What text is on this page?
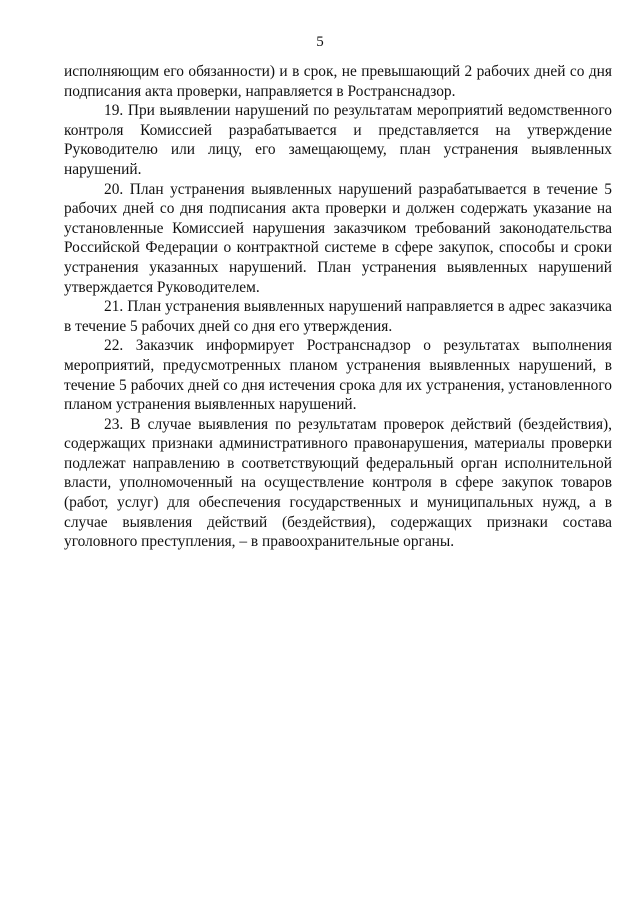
5

исполняющим его обязанности) и в срок, не превышающий 2 рабочих дней со дня подписания акта проверки, направляется в Ространснадзор.

19. При выявлении нарушений по результатам мероприятий ведомственного контроля Комиссией разрабатывается и представляется на утверждение Руководителю или лицу, его замещающему, план устранения выявленных нарушений.

20. План устранения выявленных нарушений разрабатывается в течение 5 рабочих дней со дня подписания акта проверки и должен содержать указание на установленные Комиссией нарушения заказчиком требований законодательства Российской Федерации о контрактной системе в сфере закупок, способы и сроки устранения указанных нарушений. План устранения выявленных нарушений утверждается Руководителем.

21. План устранения выявленных нарушений направляется в адрес заказчика в течение 5 рабочих дней со дня его утверждения.

22. Заказчик информирует Ространснадзор о результатах выполнения мероприятий, предусмотренных планом устранения выявленных нарушений, в течение 5 рабочих дней со дня истечения срока для их устранения, установленного планом устранения выявленных нарушений.

23. В случае выявления по результатам проверок действий (бездействия), содержащих признаки административного правонарушения, материалы проверки подлежат направлению в соответствующий федеральный орган исполнительной власти, уполномоченный на осуществление контроля в сфере закупок товаров (работ, услуг) для обеспечения государственных и муниципальных нужд, а в случае выявления действий (бездействия), содержащих признаки состава уголовного преступления, – в правоохранительные органы.
